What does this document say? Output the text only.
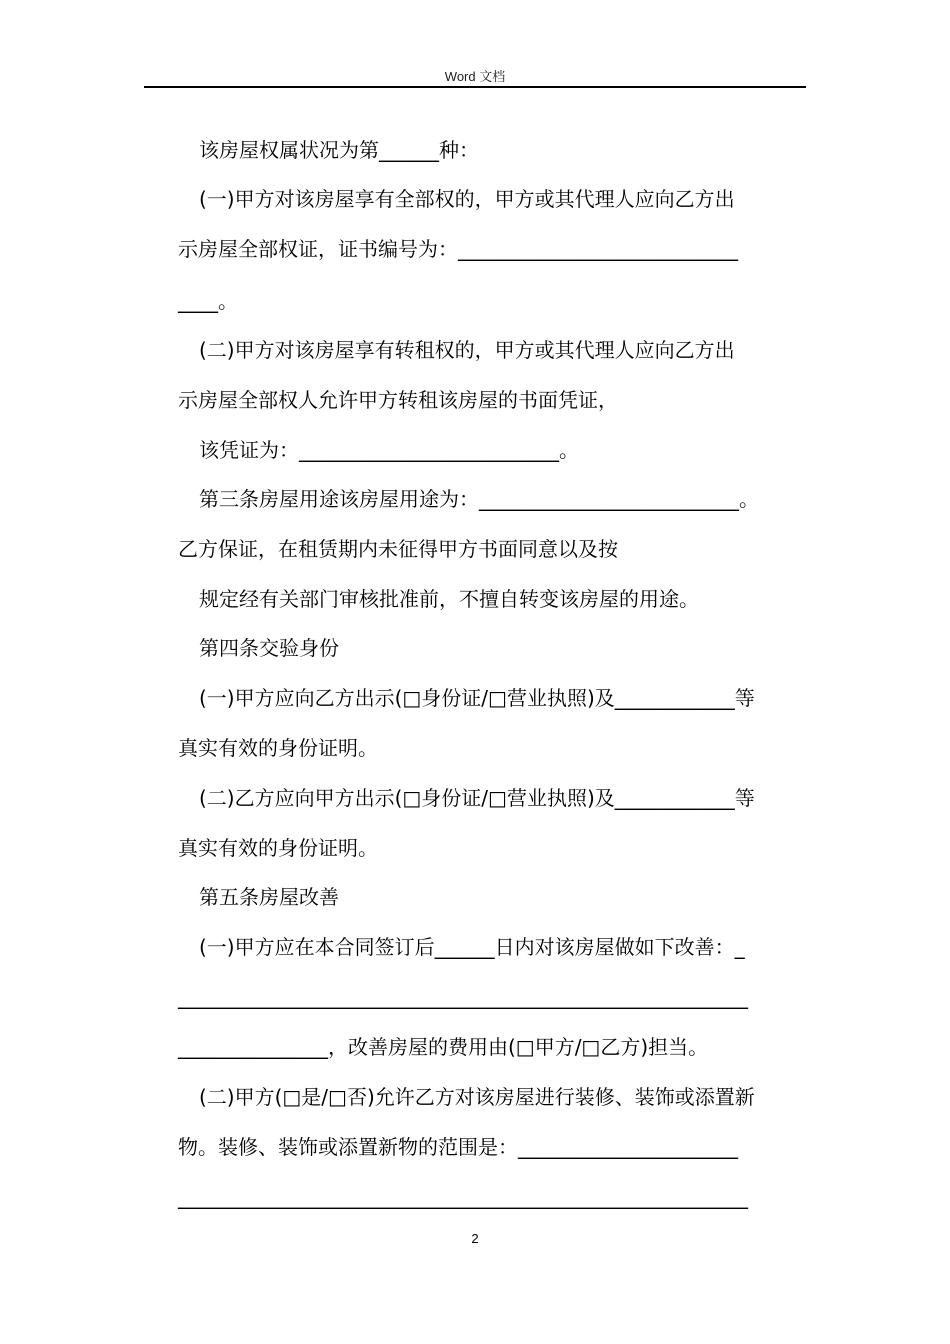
Word 文档
该房屋权属状况为第______种：
(一)甲方对该房屋享有全部权的，甲方或其代理人应向乙方出
示房屋全部权证，证书编号为：____________________________
____。
(二)甲方对该房屋享有转租权的，甲方或其代理人应向乙方出
示房屋全部权人允许甲方转租该房屋的书面凭证，
该凭证为：__________________________。
第三条房屋用途该房屋用途为：__________________________。
乙方保证，在租赁期内未征得甲方书面同意以及按
规定经有关部门审核批准前，不擅自转变该房屋的用途。
第四条交验身份
(一)甲方应向乙方出示(□身份证/□营业执照)及____________等
真实有效的身份证明。
(二)乙方应向甲方出示(□身份证/□营业执照)及____________等
真实有效的身份证明。
第五条房屋改善
(一)甲方应在本合同签订后______日内对该房屋做如下改善：_
_________________________________________________________
_______________，改善房屋的费用由(□甲方/□乙方)担当。
(二)甲方(□是/□否)允许乙方对该房屋进行装修、装饰或添置新
物。装修、装饰或添置新物的范围是：______________________
_________________________________________________________
2
